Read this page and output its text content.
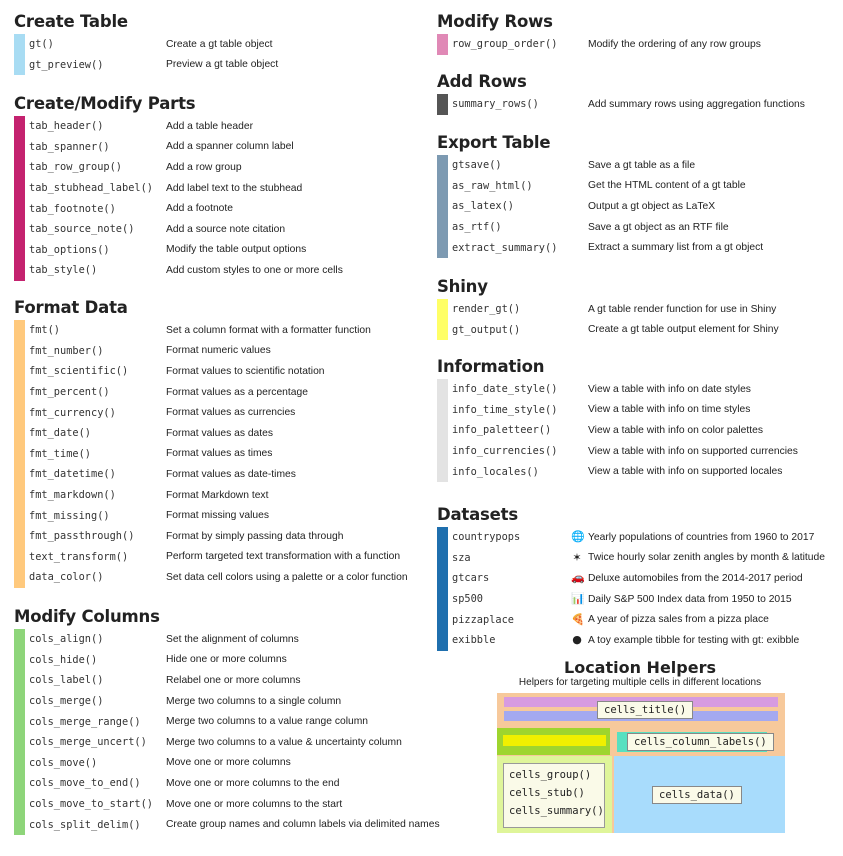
Create Table
gt()	Create a gt table object
gt_preview()	Preview a gt table object
Create/Modify Parts
tab_header()	Add a table header
tab_spanner()	Add a spanner column label
tab_row_group()	Add a row group
tab_stubhead_label() Add label text to the stubhead
tab_footnote()	Add a footnote
tab_source_note()	Add a source note citation
tab_options()	Modify the table output options
tab_style()	Add custom styles to one or more cells
Format Data
fmt()	Set a column format with a formatter function
fmt_number()	Format numeric values
fmt_scientific()	Format values to scientific notation
fmt_percent()	Format values as a percentage
fmt_currency()	Format values as currencies
fmt_date()	Format values as dates
fmt_time()	Format values as times
fmt_datetime()	Format values as date-times
fmt_markdown()	Format Markdown text
fmt_missing()	Format missing values
fmt_passthrough()	Format by simply passing data through
text_transform()	Perform targeted text transformation with a function
data_color()	Set data cell colors using a palette or a color function
Modify Columns
cols_align()	Set the alignment of columns
cols_hide()	Hide one or more columns
cols_label()	Relabel one or more columns
cols_merge()	Merge two columns to a single column
cols_merge_range() Merge two columns to a value range column
cols_merge_uncert() Merge two columns to a value & uncertainty column
cols_move()	Move one or more columns
cols_move_to_end() Move one or more columns to the end
cols_move_to_start() Move one or more columns to the start
cols_split_delim() Create group names and column labels via delimited names
Modify Rows
row_group_order()	Modify the ordering of any row groups
Add Rows
summary_rows()	Add summary rows using aggregation functions
Export Table
gtsave()	Save a gt table as a file
as_raw_html()	Get the HTML content of a gt table
as_latex()	Output a gt object as LaTeX
as_rtf()	Save a gt object as an RTF file
extract_summary()	Extract a summary list from a gt object
Shiny
render_gt()	A gt table render function for use in Shiny
gt_output()	Create a gt table output element for Shiny
Information
info_date_style()	View a table with info on date styles
info_time_style()	View a table with info on time styles
info_paletteer()	View a table with info on color palettes
info_currencies()	View a table with info on supported currencies
info_locales()	View a table with info on supported locales
Datasets
countrypops	🌐 Yearly populations of countries from 1960 to 2017
sza	✶ Twice hourly solar zenith angles by month & latitude
gtcars	🚗 Deluxe automobiles from the 2014-2017 period
sp500	📊 Daily S&P 500 Index data from 1950 to 2015
pizzaplace	🍕 A year of pizza sales from a pizza place
exibble	● A toy example tibble for testing with gt: exibble
Location Helpers
Helpers for targeting multiple cells in different locations
cells_title()
cells_column_labels()
cells_group()
cells_stub()
cells_summary()
cells_data()
